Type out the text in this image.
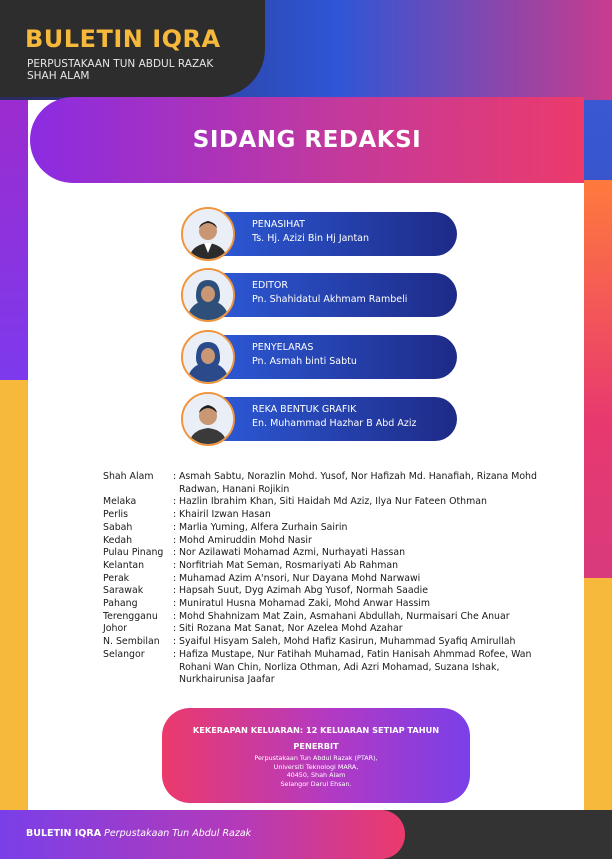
BULETIN IQRA
PERPUSTAKAAN TUN ABDUL RAZAK
SHAH ALAM
SIDANG REDAKSI
PENASIHAT
Ts. Hj. Azizi Bin Hj Jantan
EDITOR
Pn. Shahidatul Akhmam Rambeli
PENYELARAS
Pn. Asmah binti Sabtu
REKA BENTUK GRAFIK
En. Muhammad Hazhar B Abd Aziz
Shah Alam	: Asmah Sabtu, Norazlin Mohd. Yusof, Nor Hafizah Md. Hanafiah, Rizana Mohd Radwan, Hanani Rojikin
Melaka	: Hazlin Ibrahim Khan, Siti Haidah Md Aziz, Ilya Nur Fateen Othman
Perlis	: Khairil Izwan Hasan
Sabah	: Marlia Yuming, Alfera Zurhain Sairin
Kedah	: Mohd Amiruddin Mohd Nasir
Pulau Pinang	: Nor Azilawati Mohamad Azmi, Nurhayati Hassan
Kelantan	: Norfitriah Mat Seman, Rosmariyati Ab Rahman
Perak	: Muhamad Azim A'nsori, Nur Dayana Mohd Narwawi
Sarawak	: Hapsah Suut, Dyg Azimah Abg Yusof, Normah Saadie
Pahang	: Muniratul Husna Mohamad Zaki, Mohd Anwar Hassim
Terengganu	: Mohd Shahnizam Mat Zain, Asmahani Abdullah, Nurmaisari Che Anuar
Johor	: Siti Rozana Mat Sanat, Nor Azelea Mohd Azahar
N. Sembilan	: Syaiful Hisyam Saleh, Mohd Hafiz Kasirun, Muhammad Syafiq Amirullah
Selangor	: Hafiza Mustape, Nur Fatihah Muhamad, Fatin Hanisah Ahmmad Rofee, Wan Rohani Wan Chin, Norliza Othman, Adi Azri Mohamad, Suzana Ishak, Nurkhairunisa Jaafar

KEKERAPAN KELUARAN: 12 KELUARAN SETIAP TAHUN

PENERBIT

Perpustakaan Tun Abdul Razak (PTAR),
Universiti Teknologi MARA,
40450, Shah Alam
Selangor Darul Ehsan.

BULETIN IQRA Perpustakaan Tun Abdul Razak
